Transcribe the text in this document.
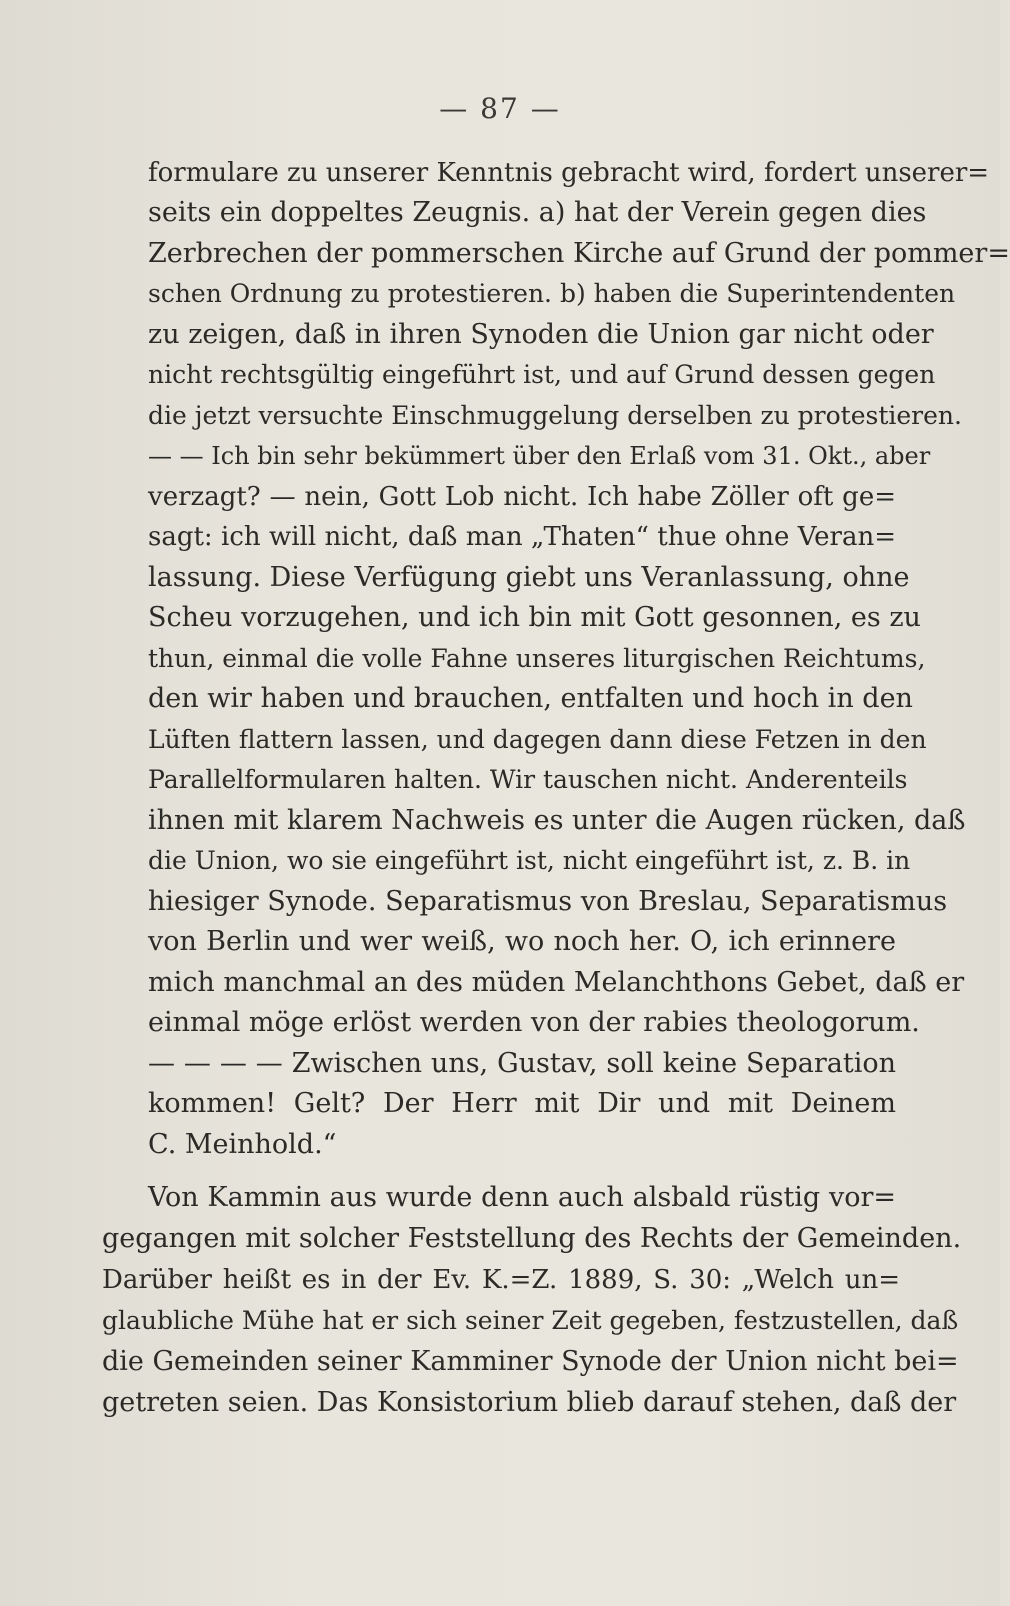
— 87 —
formulare zu unserer Kenntnis gebracht wird, fordert unserer=
seits ein doppeltes Zeugnis. a) hat der Verein gegen dies
Zerbrechen der pommerschen Kirche auf Grund der pommer=
schen Ordnung zu protestieren. b) haben die Superintendenten
zu zeigen, daß in ihren Synoden die Union gar nicht oder
nicht rechtsgültig eingeführt ist, und auf Grund dessen gegen
die jetzt versuchte Einschmuggelung derselben zu protestieren.
— — Ich bin sehr bekümmert über den Erlaß vom 31. Okt., aber
verzagt? — nein, Gott Lob nicht. Ich habe Zöller oft ge=
sagt: ich will nicht, daß man „Thaten“ thue ohne Veran=
lassung. Diese Verfügung giebt uns Veranlassung, ohne
Scheu vorzugehen, und ich bin mit Gott gesonnen, es zu
thun, einmal die volle Fahne unseres liturgischen Reichtums,
den wir haben und brauchen, entfalten und hoch in den
Lüften flattern lassen, und dagegen dann diese Fetzen in den
Parallelformularen halten. Wir tauschen nicht. Anderenteils
ihnen mit klarem Nachweis es unter die Augen rücken, daß
die Union, wo sie eingeführt ist, nicht eingeführt ist, z. B. in
hiesiger Synode. Separatismus von Breslau, Separatismus
von Berlin und wer weiß, wo noch her. O, ich erinnere
mich manchmal an des müden Melanchthons Gebet, daß er
einmal möge erlöst werden von der rabies theologorum.
— — — — Zwischen uns, Gustav, soll keine Separation
kommen! Gelt? Der Herr mit Dir und mit Deinem
C. Meinhold.“
Von Kammin aus wurde denn auch alsbald rüstig vor=
gegangen mit solcher Feststellung des Rechts der Gemeinden.
Darüber heißt es in der Ev. K.=Z. 1889, S. 30: „Welch un=
glaubliche Mühe hat er sich seiner Zeit gegeben, festzustellen, daß
die Gemeinden seiner Kamminer Synode der Union nicht bei=
getreten seien. Das Konsistorium blieb darauf stehen, daß der
